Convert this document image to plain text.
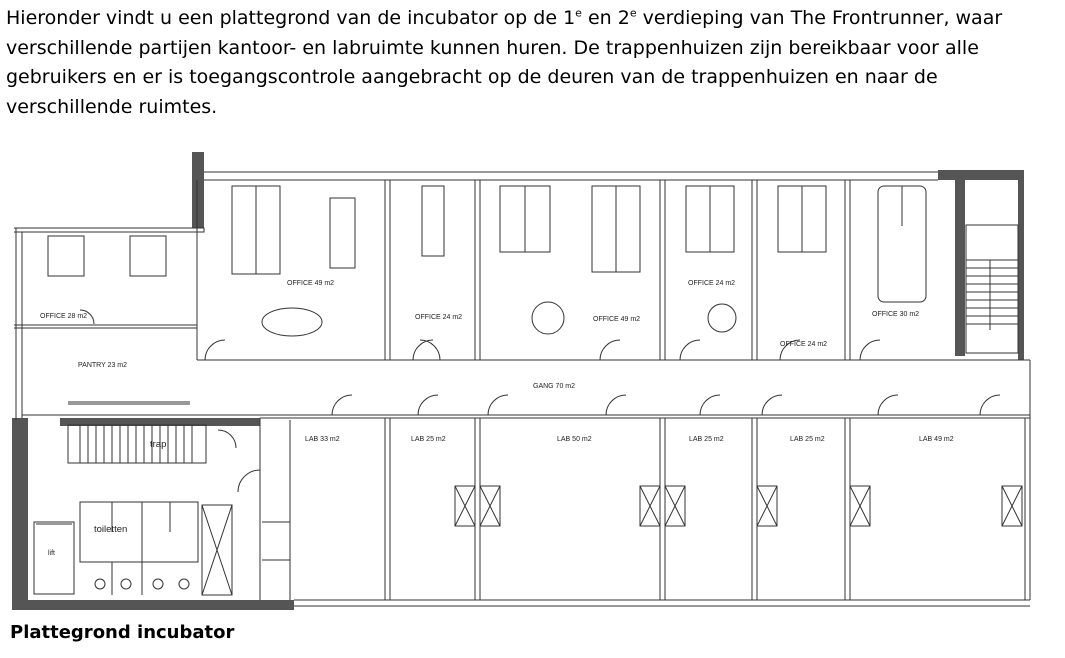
Hieronder vindt u een plattegrond van de incubator op de 1e en 2e verdieping van The Frontrunner, waar verschillende partijen kantoor- en labruimte kunnen huren. De trappenhuizen zijn bereikbaar voor alle gebruikers en er is toegangscontrole aangebracht op de deuren van de trappenhuizen en naar de verschillende ruimtes.

OFFICE 28 m2
OFFICE 49 m2
OFFICE 24 m2	OFFICE 49 m2
OFFICE 24 m2
OFFICE 24 m2
OFFICE 30 m2
PANTRY 23 m2
GANG 70 m2
LAB 33 m2	LAB 25 m2	LAB 50 m2	LAB 25 m2	LAB 25 m2	LAB 49 m2
trap
toiletten
lift

Plattegrond incubator
